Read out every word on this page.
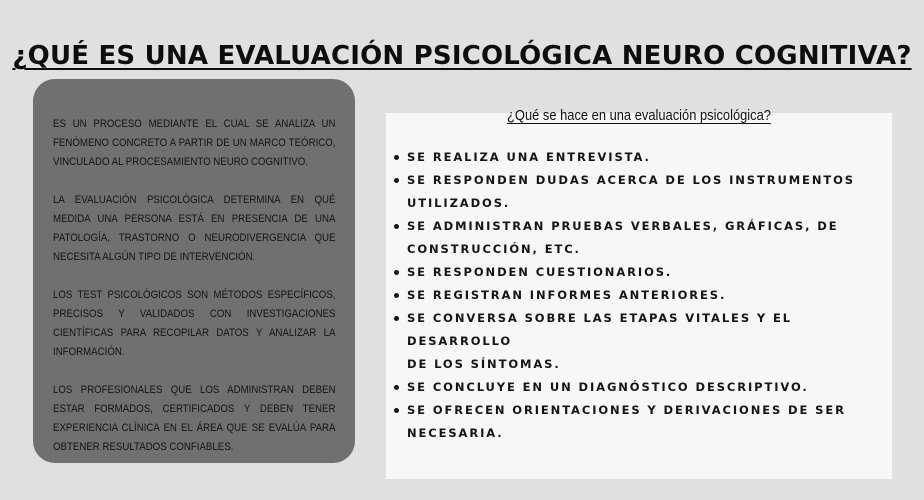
¿QUÉ ES UNA EVALUACIÓN PSICOLÓGICA NEURO COGNITIVA?

ES UN PROCESO MEDIANTE EL CUAL SE ANALIZA UN FENÓMENO CONCRETO A PARTIR DE UN MARCO TEÓRICO, VINCULADO AL PROCESAMIENTO NEURO COGNITIVO.

LA EVALUACIÓN PSICOLÓGICA DETERMINA EN QUÉ MEDIDA UNA PERSONA ESTÁ EN PRESENCIA DE UNA PATOLOGÍA, TRASTORNO O NEURODIVERGENCIA QUE NECESITA ALGÚN TIPO DE INTERVENCIÓN.

LOS TEST PSICOLÓGICOS SON MÉTODOS ESPECÍFICOS, PRECISOS Y VALIDADOS CON INVESTIGACIONES CIENTÍFICAS PARA RECOPILAR DATOS Y ANALIZAR LA INFORMACIÓN.

LOS PROFESIONALES QUE LOS ADMINISTRAN DEBEN ESTAR FORMADOS, CERTIFICADOS Y DEBEN TENER EXPERIENCIA CLÍNICA EN EL ÁREA QUE SE EVALÚA PARA OBTENER RESULTADOS CONFIABLES.

¿Qué se hace en una evaluación psicológica?
SE REALIZA UNA ENTREVISTA.
SE RESPONDEN DUDAS ACERCA DE LOS INSTRUMENTOS
UTILIZADOS.
SE ADMINISTRAN PRUEBAS VERBALES, GRÁFICAS, DE
CONSTRUCCIÓN, ETC.
SE RESPONDEN CUESTIONARIOS.
SE REGISTRAN INFORMES ANTERIORES.
SE CONVERSA SOBRE LAS ETAPAS VITALES Y EL DESARROLLO
DE LOS SÍNTOMAS.
SE CONCLUYE EN UN DIAGNÓSTICO DESCRIPTIVO.
SE OFRECEN ORIENTACIONES Y DERIVACIONES DE SER
NECESARIA.
